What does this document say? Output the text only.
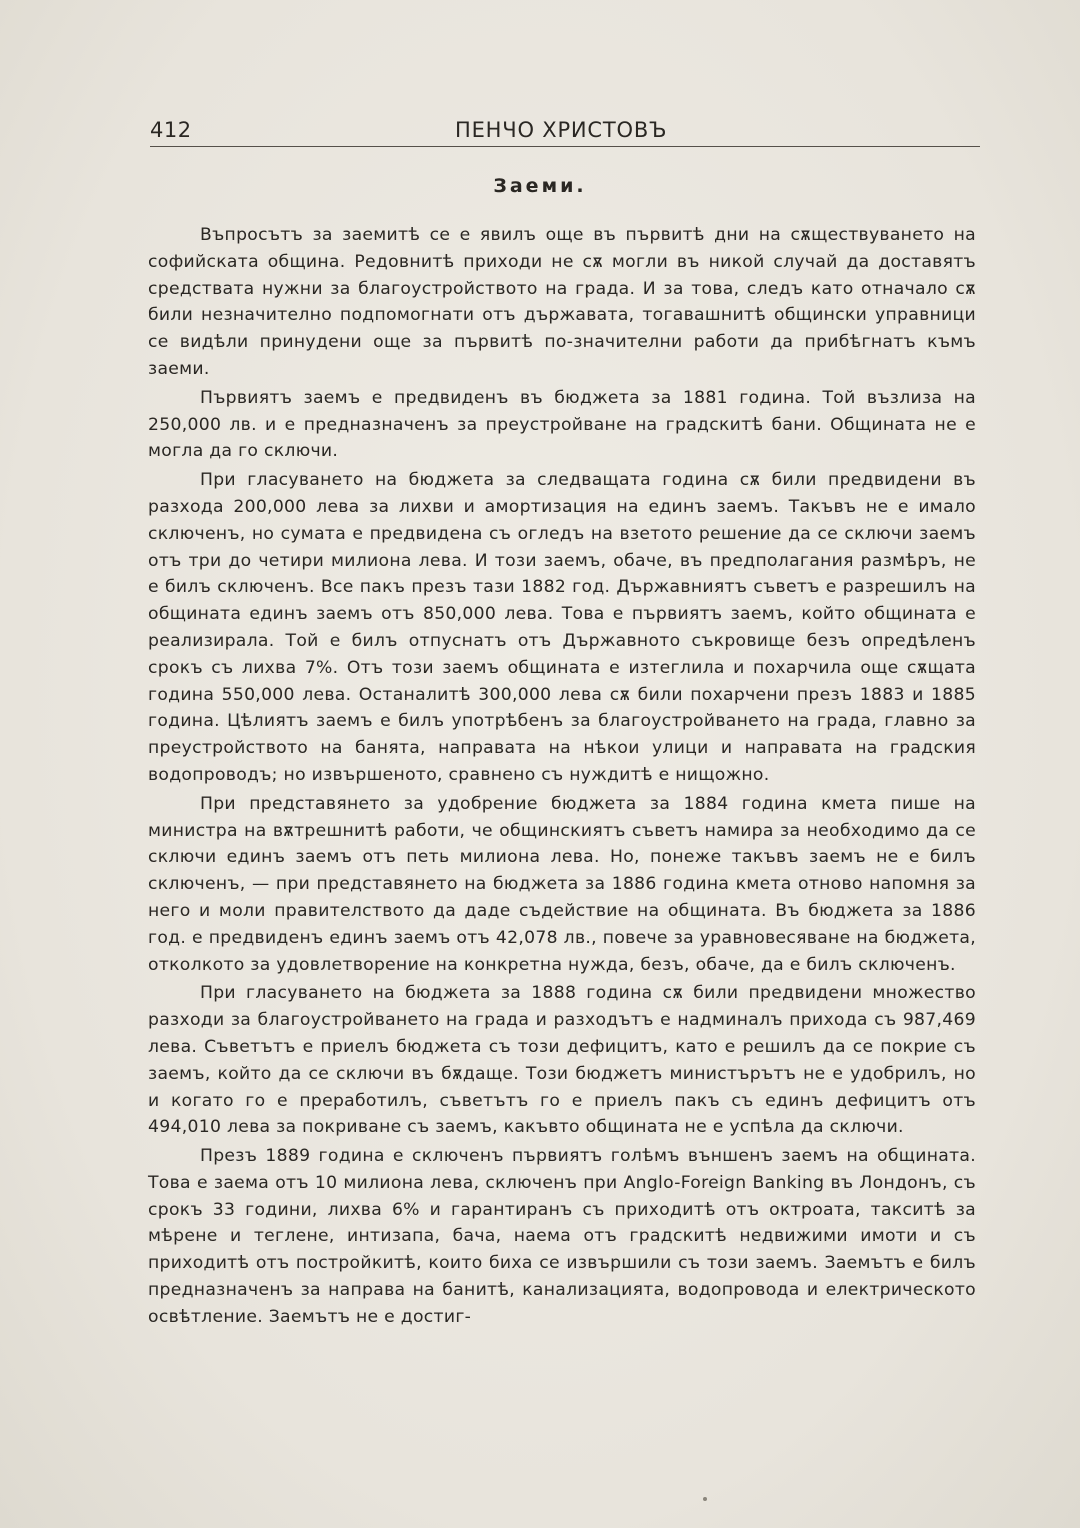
412	ПЕНЧО ХРИСТОВЪ
Заеми.

Въпросътъ за заемитѣ се е явилъ още въ първитѣ дни на сѫществуването на софийската община. Редовнитѣ приходи не сѫ могли въ никой случай да доставятъ средствата нужни за благоустройството на града. И за това, следъ като отначало сѫ били незначително подпомогнати отъ държавата, тогавашнитѣ общински управници се видѣли принудени още за първитѣ по-значителни работи да прибѣгнатъ къмъ заеми.

Първиятъ заемъ е предвиденъ въ бюджета за 1881 година. Той възлиза на 250,000 лв. и е предназначенъ за преустройване на градскитѣ бани. Общината не е могла да го сключи.

При гласуването на бюджета за следващата година сѫ били предвидени въ разхода 200,000 лева за лихви и амортизация на единъ заемъ. Такъвъ не е имало сключенъ, но сумата е предвидена съ огледъ на взетото решение да се сключи заемъ отъ три до четири милиона лева. И този заемъ, обаче, въ предполагания размѣръ, не е билъ сключенъ. Все пакъ презъ тази 1882 год. Държавниятъ съветъ е разрешилъ на общината единъ заемъ отъ 850,000 лева. Това е първиятъ заемъ, който общината е реализирала. Той е билъ отпуснатъ отъ Държавното съкровище безъ опредѣленъ срокъ съ лихва 7%. Отъ този заемъ общината е изтеглила и похарчила още сѫщата година 550,000 лева. Останалитѣ 300,000 лева сѫ били похарчени презъ 1883 и 1885 година. Цѣлиятъ заемъ е билъ употрѣбенъ за благоустройването на града, главно за преустройството на банята, направата на нѣкои улици и направата на градския водопроводъ; но извършеното, сравнено съ нуждитѣ е нищожно.

При представянето за удобрение бюджета за 1884 година кмета пише на министра на вѫтрешнитѣ работи, че общинскиятъ съветъ намира за необходимо да се сключи единъ заемъ отъ петь милиона лева. Но, понеже такъвъ заемъ не е билъ сключенъ, — при представянето на бюджета за 1886 година кмета отново напомня за него и моли правителството да даде съдействие на общината. Въ бюджета за 1886 год. е предвиденъ единъ заемъ отъ 42,078 лв., повече за уравновесяване на бюджета, отколкото за удовлетворение на конкретна нужда, безъ, обаче, да е билъ сключенъ.

При гласуването на бюджета за 1888 година сѫ били предвидени множество разходи за благоустройването на града и разходътъ е надминалъ прихода съ 987,469 лева. Съветътъ е приелъ бюджета съ този дефицитъ, като е решилъ да се покрие съ заемъ, който да се сключи въ бѫдаще. Този бюджетъ министърътъ не е удобрилъ, но и когато го е преработилъ, съветътъ го е приелъ пакъ съ единъ дефицитъ отъ 494,010 лева за покриване съ заемъ, какъвто общината не е успѣла да сключи.

Презъ 1889 година е сключенъ първиятъ голѣмъ външенъ заемъ на общината. Това е заема отъ 10 милиона лева, сключенъ при Anglo-Foreign Banking въ Лондонъ, съ срокъ 33 години, лихва 6% и гарантиранъ съ приходитѣ отъ октроата, такситѣ за мѣрене и теглене, интизапа, бача, наема отъ градскитѣ недвижими имоти и съ приходитѣ отъ постройкитѣ, които биха се извършили съ този заемъ. Заемътъ е билъ предназначенъ за направа на банитѣ, канализацията, водопровода и електрическото освѣтление. Заемътъ не е достиг-
